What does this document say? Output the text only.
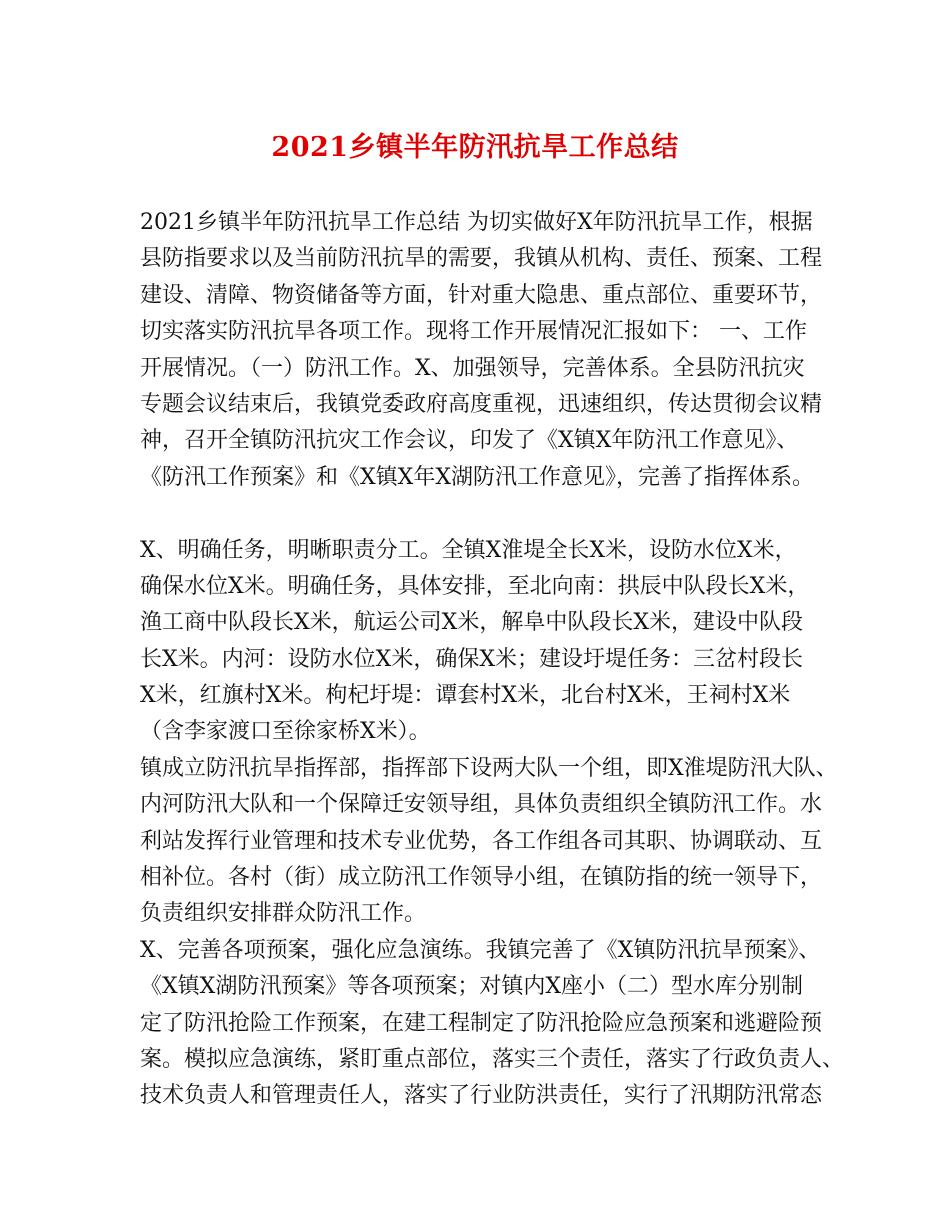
2021乡镇半年防汛抗旱工作总结
2021乡镇半年防汛抗旱工作总结 为切实做好X年防汛抗旱工作，根据
县防指要求以及当前防汛抗旱的需要，我镇从机构、责任、预案、工程
建设、清障、物资储备等方面，针对重大隐患、重点部位、重要环节，
切实落实防汛抗旱各项工作。现将工作开展情况汇报如下： 一、工作
开展情况。（一）防汛工作。X、加强领导，完善体系。全县防汛抗灾
专题会议结束后，我镇党委政府高度重视，迅速组织，传达贯彻会议精
神，召开全镇防汛抗灾工作会议，印发了《X镇X年防汛工作意见》、
《防汛工作预案》和《X镇X年X湖防汛工作意见》，完善了指挥体系。
X、明确任务，明晰职责分工。全镇X淮堤全长X米，设防水位X米，
确保水位X米。明确任务，具体安排，至北向南：拱辰中队段长X米，
渔工商中队段长X米，航运公司X米，解阜中队段长X米，建设中队段
长X米。内河：设防水位X米，确保X米；建设圩堤任务：三岔村段长
X米，红旗村X米。枸杞圩堤：谭套村X米，北台村X米，王祠村X米
（含李家渡口至徐家桥X米）。
镇成立防汛抗旱指挥部，指挥部下设两大队一个组，即X淮堤防汛大队、
内河防汛大队和一个保障迁安领导组，具体负责组织全镇防汛工作。水
利站发挥行业管理和技术专业优势，各工作组各司其职、协调联动、互
相补位。各村（街）成立防汛工作领导小组，在镇防指的统一领导下，
负责组织安排群众防汛工作。
X、完善各项预案，强化应急演练。我镇完善了《X镇防汛抗旱预案》、
《X镇X湖防汛预案》等各项预案；对镇内X座小（二）型水库分别制
定了防汛抢险工作预案，在建工程制定了防汛抢险应急预案和逃避险预
案。模拟应急演练，紧盯重点部位，落实三个责任，落实了行政负责人、
技术负责人和管理责任人，落实了行业防洪责任，实行了汛期防汛常态
